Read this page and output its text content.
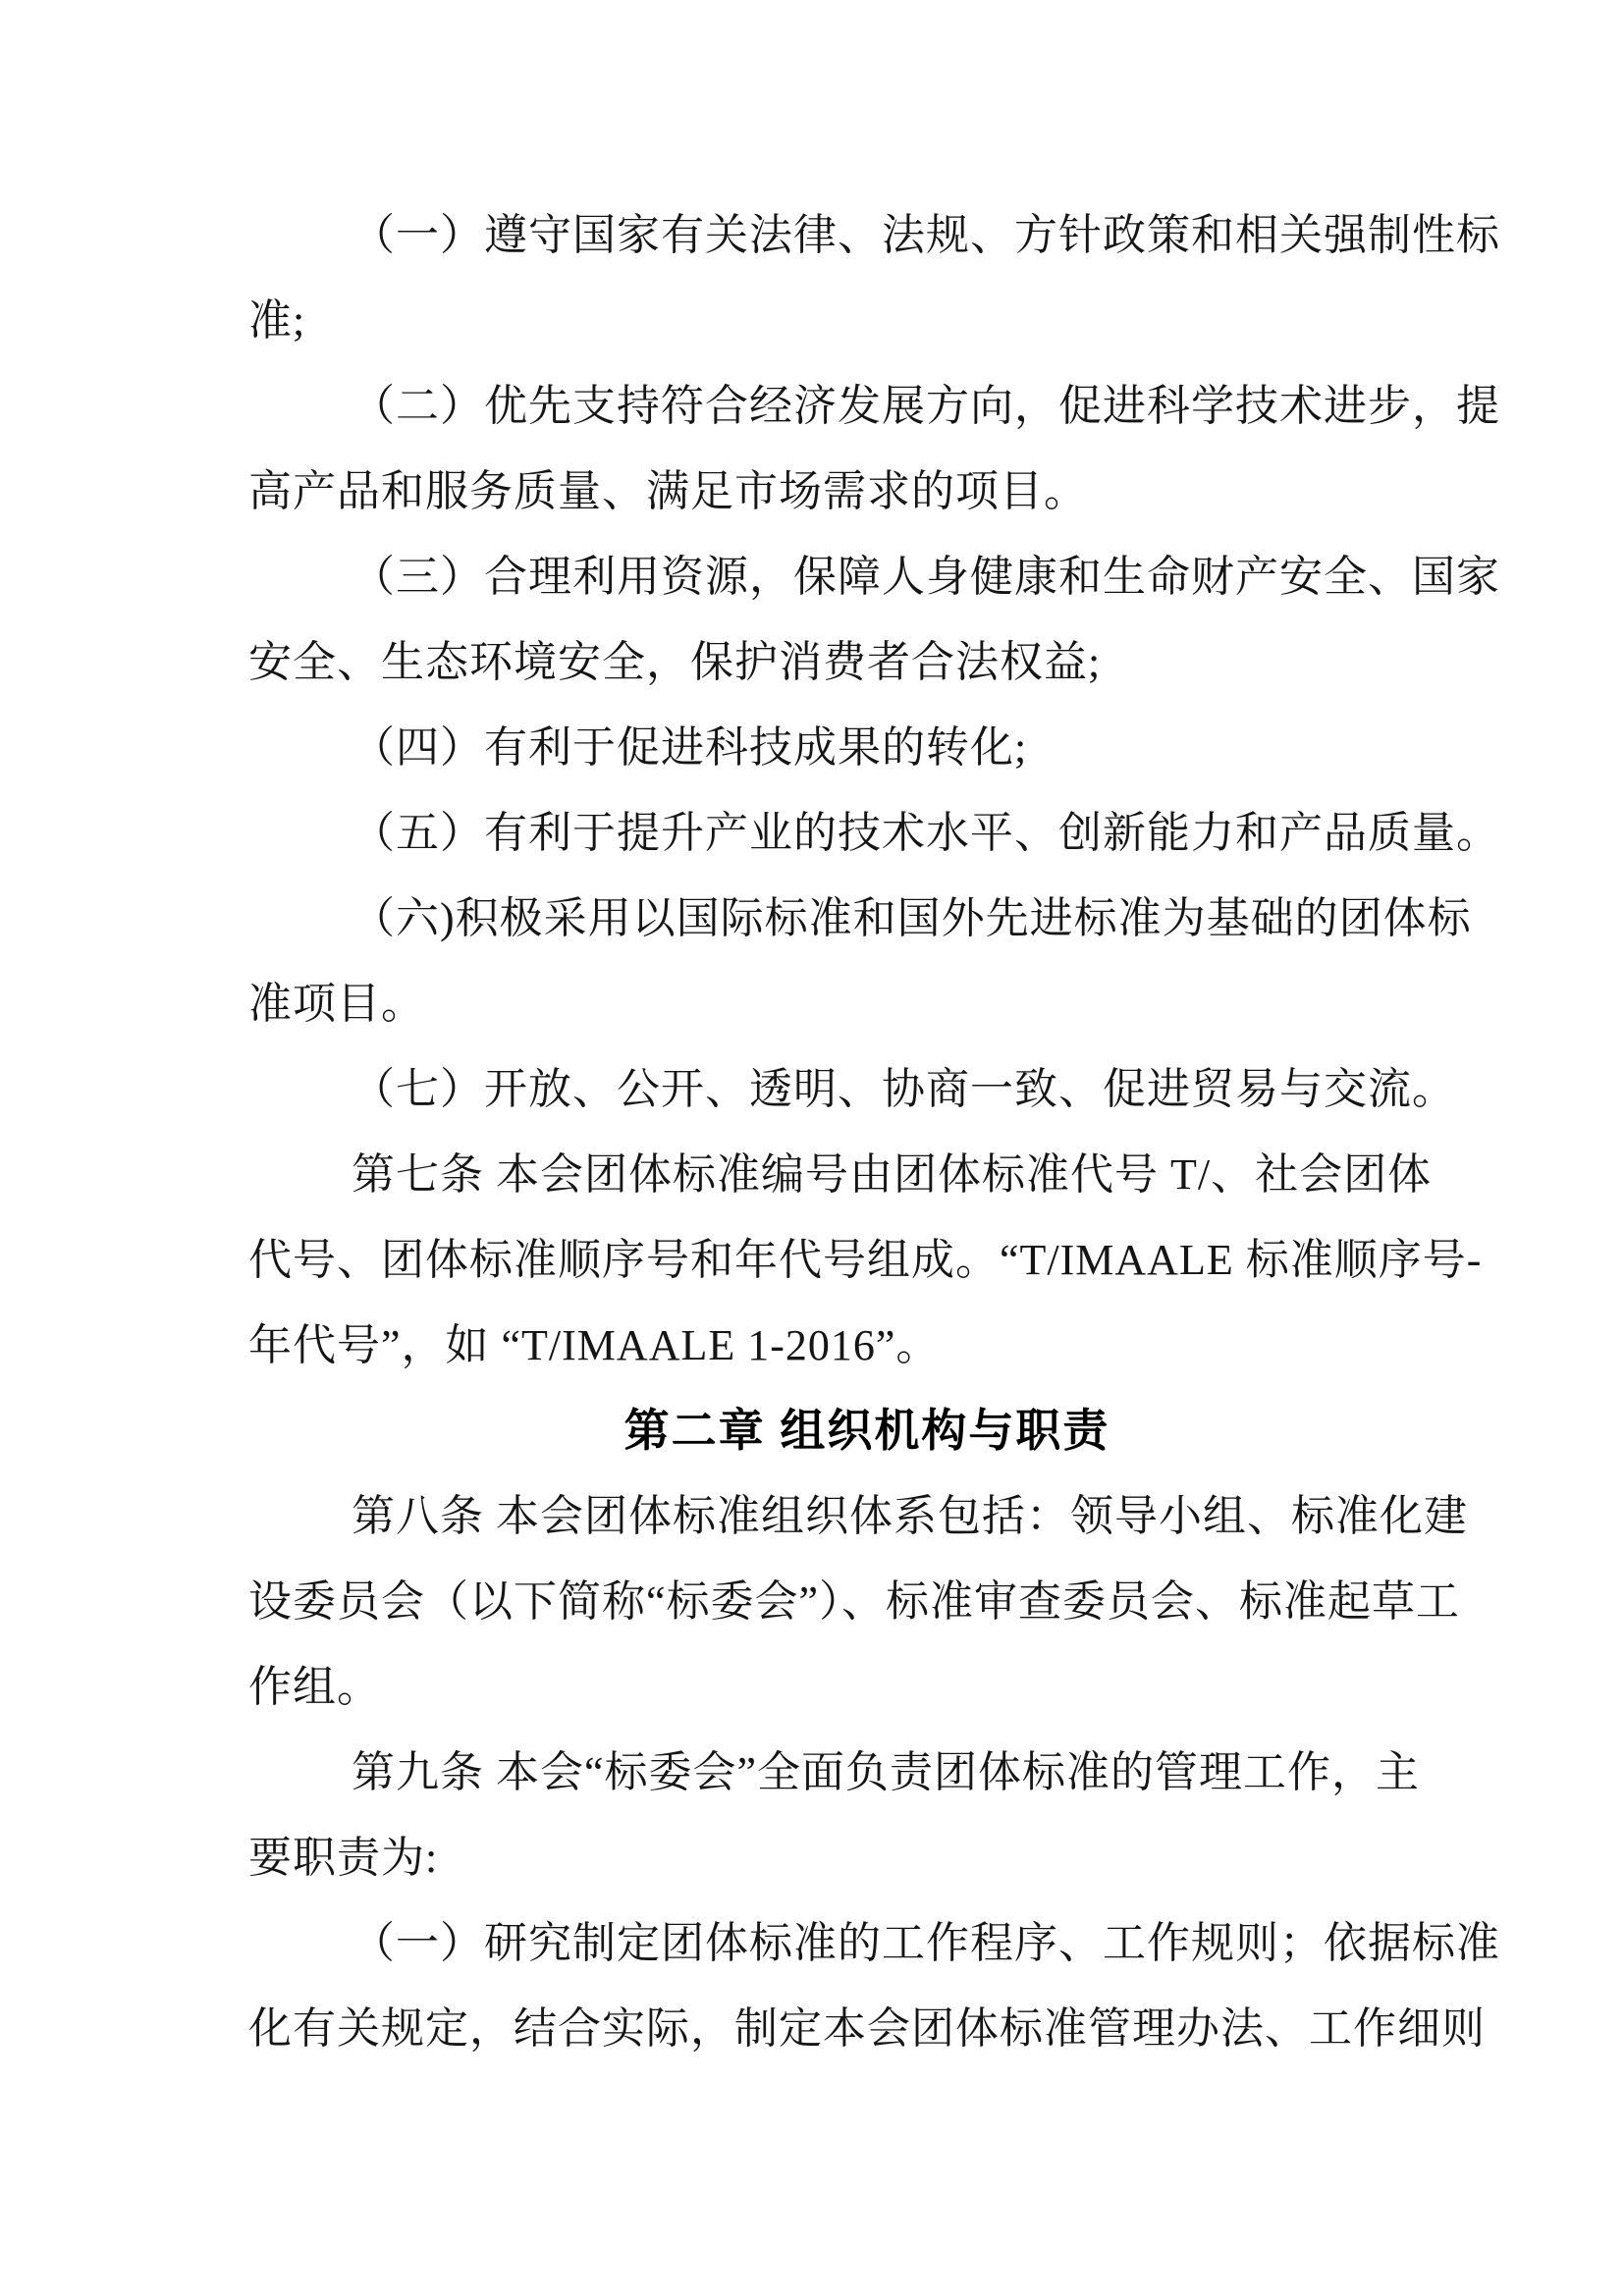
（一）遵守国家有关法律、法规、方针政策和相关强制性标
准;
（二）优先支持符合经济发展方向，促进科学技术进步，提
高产品和服务质量、满足市场需求的项目。
（三）合理利用资源，保障人身健康和生命财产安全、国家
安全、生态环境安全，保护消费者合法权益;
（四）有利于促进科技成果的转化;
（五）有利于提升产业的技术水平、创新能力和产品质量。
（六)积极采用以国际标准和国外先进标准为基础的团体标
准项目。
（七）开放、公开、透明、协商一致、促进贸易与交流。
第七条 本会团体标准编号由团体标准代号 T/、社会团体
代号、团体标准顺序号和年代号组成。“T/IMAALE 标准顺序号-
年代号”，如 “T/IMAALE 1-2016”。
第二章 组织机构与职责
第八条 本会团体标准组织体系包括：领导小组、标准化建
设委员会（以下简称“标委会”）、标准审查委员会、标准起草工
作组。
第九条 本会“标委会”全面负责团体标准的管理工作，主
要职责为:
（一）研究制定团体标准的工作程序、工作规则；依据标准
化有关规定，结合实际，制定本会团体标准管理办法、工作细则
